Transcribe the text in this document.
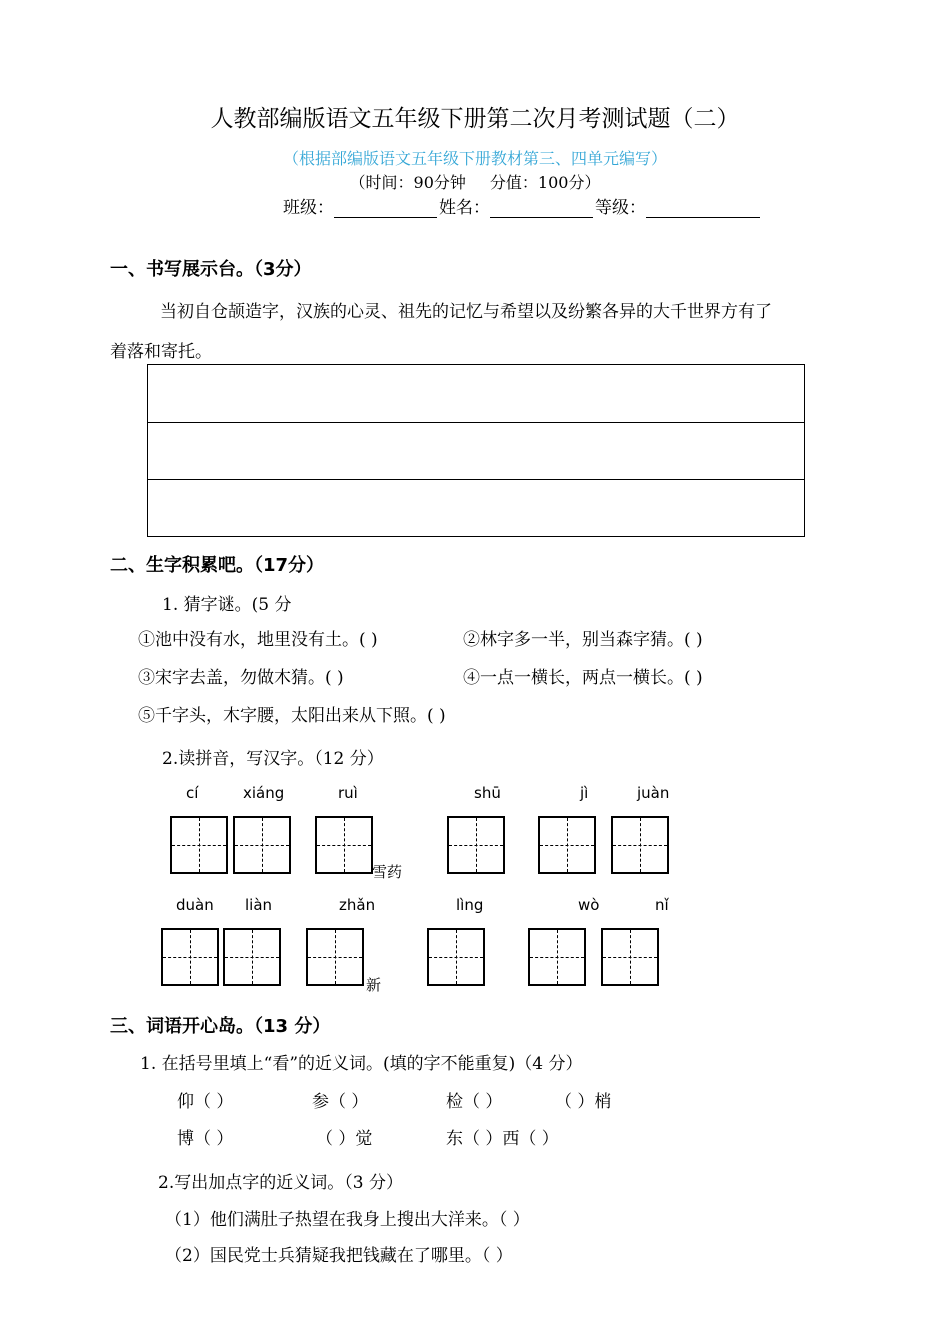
人教部编版语文五年级下册第二次月考测试题（二）
（根据部编版语文五年级下册教材第三、四单元编写）
（时间：90分钟 分值：100分）
班级：	姓名：	等级：
一、书写展示台。（3分）
当初自仓颉造字，汉族的心灵、祖先的记忆与希望以及纷繁各异的大千世界方有了
着落和寄托。
二、生字积累吧。（17分）
1. 猜字谜。(5 分
①池中没有水，地里没有土。( )	②林字多一半，别当森字猜。( )
③宋字去盖，勿做木猜。( )	④一点一横长，两点一横长。( )
⑤千字头，木字腰，太阳出来从下照。( )
2.读拼音，写汉字。（12 分）
cí	xiáng	ruì	shū	jì	juàn
雪药
duàn liàn	zhǎn	lìng	wò	nǐ
新
三、词语开心岛。（13 分）
1. 在括号里填上“看”的近义词。(填的字不能重复)（4 分）
仰（ ）	参（ ）	检（ ）	（ ）梢
博（ ）	（ ）觉	东（ ）西（ ）
2.写出加点字的近义词。（3 分）
（1）他们满肚子热望在我身上搜出大洋来。（ ）
（2）国民党士兵猜疑我把钱藏在了哪里。（ ）
